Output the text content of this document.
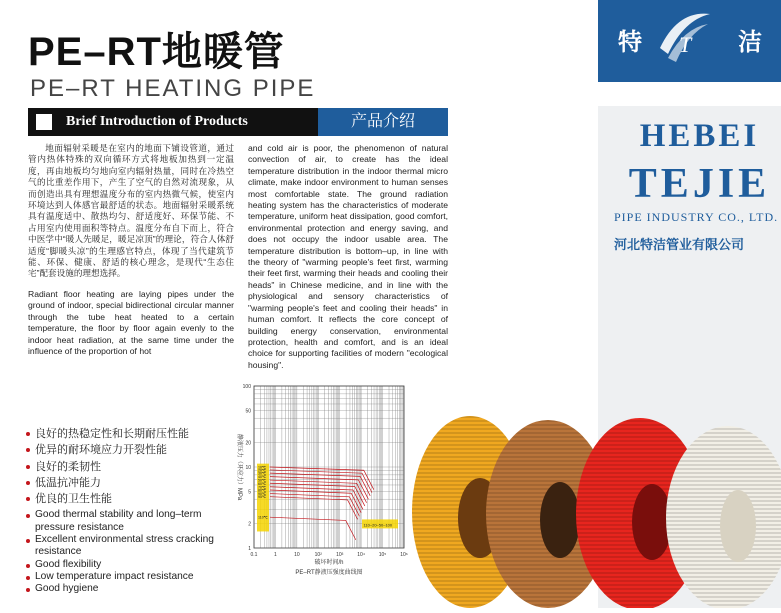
PE–RT地暖管
PE–RT HEATING PIPE
Brief Introduction of Products	产品介绍
地面辐射采暖是在室内的地面下铺设管道，通过管内热体特殊的双向循环方式将地板加热到一定温度，再由地板均匀地向室内辐射热量，同时在冷热空气的比重差作用下，产生了空气的自然对流现象，从而创造出具有理想温度分布的室内热微气候，使室内环境达到人体感官最舒适的状态。地面辐射采暖系统具有温度适中、散热均匀、舒适度好、环保节能、不占用室内使用面积等特点。温度分布自下而上，符合中医学中“暖人先暖足，暖足凉顶”的理论，符合人体舒适度“脚暖头凉”的生理感官特点，体现了当代建筑节能、环保、健康、舒适的核心理念，是现代“生态住宅”配套设施的理想选择。
Radiant floor heating are laying pipes under the ground of indoor, special bidirectional circular manner through the tube heat heated to a certain temperature, the floor by floor again evenly to the indoor heat radiation, at the same time under the influence of the proportion of hot
and cold air is poor, the phenomenon of natural convection of air, to create has the ideal temperature distribution in the indoor thermal micro climate, make indoor environment to human senses most comfortable state. The ground radiation heating system has the characteristics of moderate temperature, uniform heat dissipation, good comfort, environmental protection and energy saving, and does not occupy the indoor usable area. The temperature distribution is bottom–up, in line with the theory of "warming people's feet first, warming their feet first, warming their heads and cooling their heads" in Chinese medicine, and in line with the physiological and sensory characteristics of "warming people's feet and cooling their heads" in human comfort. It reflects the core concept of building energy conservation, environmental protection, health and comfort, and is an ideal choice for supporting facilities of modern "ecological housing".
良好的热稳定性和长期耐压性能
优异的耐环境应力开裂性能
良好的柔韧性
低温抗冲能力
优良的卫生性能
Good thermal stability and long–term pressure resistance
Excellent environmental stress cracking resistance
Good flexibility
Low temperature impact resistance
Good hygiene
1
2
5
10
20
50
100
0.1	1	10	10²	10³	10⁴	10⁵	10⁶
10℃
20℃
30℃
40℃
50℃
60℃
70℃
80℃
90℃
95℃
110℃
110–20–50–100
静液压力（环应力）MPa
破坏时间/h
PE–RT静液压强度曲线图
特 T 洁
HEBEI
TEJIE
PIPE INDUSTRY CO., LTD.
河北特洁管业有限公司
